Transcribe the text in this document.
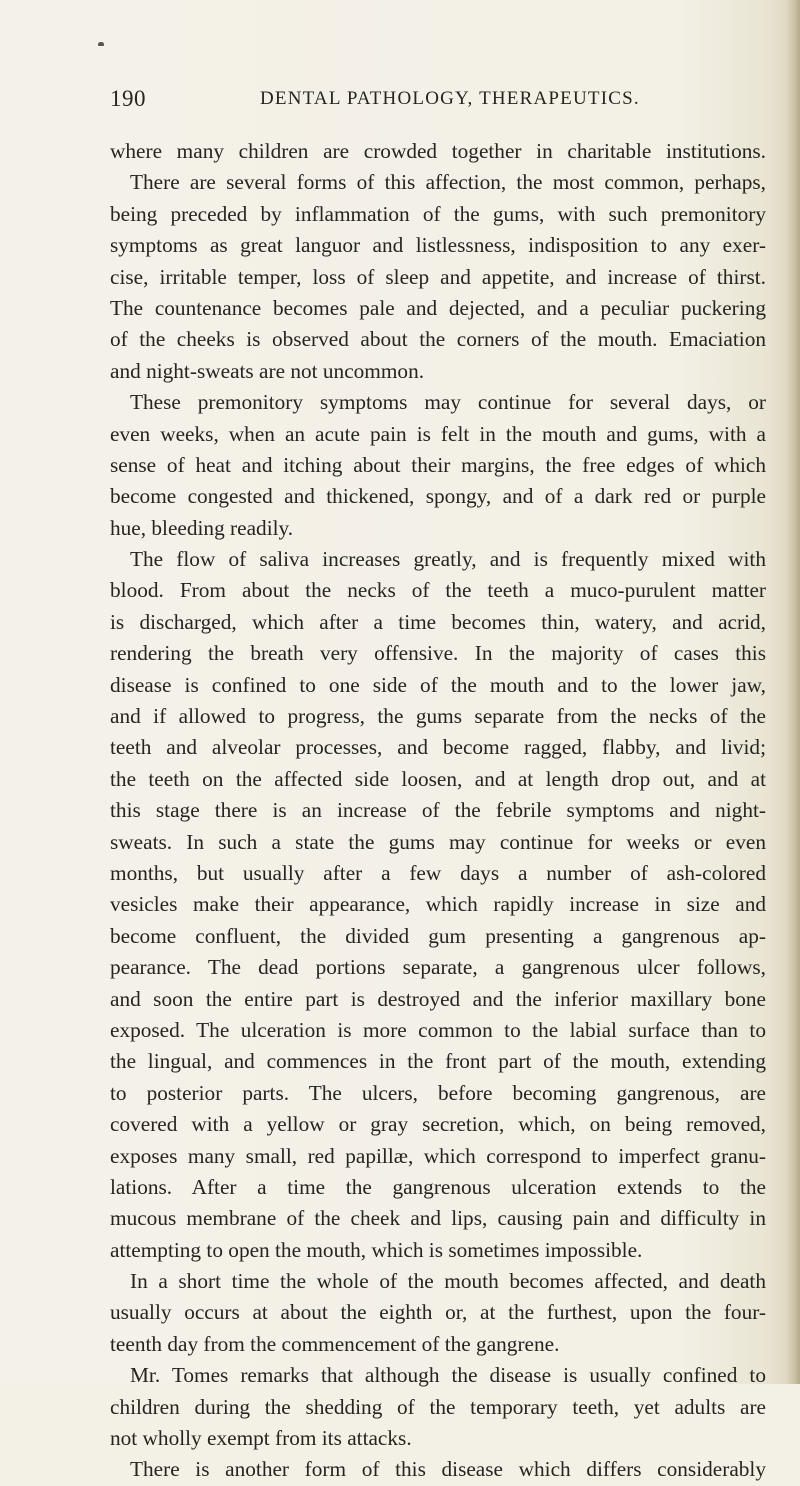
190	DENTAL PATHOLOGY, THERAPEUTICS.
where many children are crowded together in charitable institutions.
There are several forms of this affection, the most common, perhaps,
being preceded by inflammation of the gums, with such premonitory
symptoms as great languor and listlessness, indisposition to any exer-
cise, irritable temper, loss of sleep and appetite, and increase of thirst.
The countenance becomes pale and dejected, and a peculiar puckering
of the cheeks is observed about the corners of the mouth. Emaciation
and night-sweats are not uncommon.
These premonitory symptoms may continue for several days, or
even weeks, when an acute pain is felt in the mouth and gums, with a
sense of heat and itching about their margins, the free edges of which
become congested and thickened, spongy, and of a dark red or purple
hue, bleeding readily.
The flow of saliva increases greatly, and is frequently mixed with
blood. From about the necks of the teeth a muco-purulent matter
is discharged, which after a time becomes thin, watery, and acrid,
rendering the breath very offensive. In the majority of cases this
disease is confined to one side of the mouth and to the lower jaw,
and if allowed to progress, the gums separate from the necks of the
teeth and alveolar processes, and become ragged, flabby, and livid;
the teeth on the affected side loosen, and at length drop out, and at
this stage there is an increase of the febrile symptoms and night-
sweats. In such a state the gums may continue for weeks or even
months, but usually after a few days a number of ash-colored
vesicles make their appearance, which rapidly increase in size and
become confluent, the divided gum presenting a gangrenous ap-
pearance. The dead portions separate, a gangrenous ulcer follows,
and soon the entire part is destroyed and the inferior maxillary bone
exposed. The ulceration is more common to the labial surface than to
the lingual, and commences in the front part of the mouth, extending
to posterior parts. The ulcers, before becoming gangrenous, are
covered with a yellow or gray secretion, which, on being removed,
exposes many small, red papillæ, which correspond to imperfect granu-
lations. After a time the gangrenous ulceration extends to the
mucous membrane of the cheek and lips, causing pain and difficulty in
attempting to open the mouth, which is sometimes impossible.
In a short time the whole of the mouth becomes affected, and death
usually occurs at about the eighth or, at the furthest, upon the four-
teenth day from the commencement of the gangrene.
Mr. Tomes remarks that although the disease is usually confined to
children during the shedding of the temporary teeth, yet adults are
not wholly exempt from its attacks.
There is another form of this disease which differs considerably
